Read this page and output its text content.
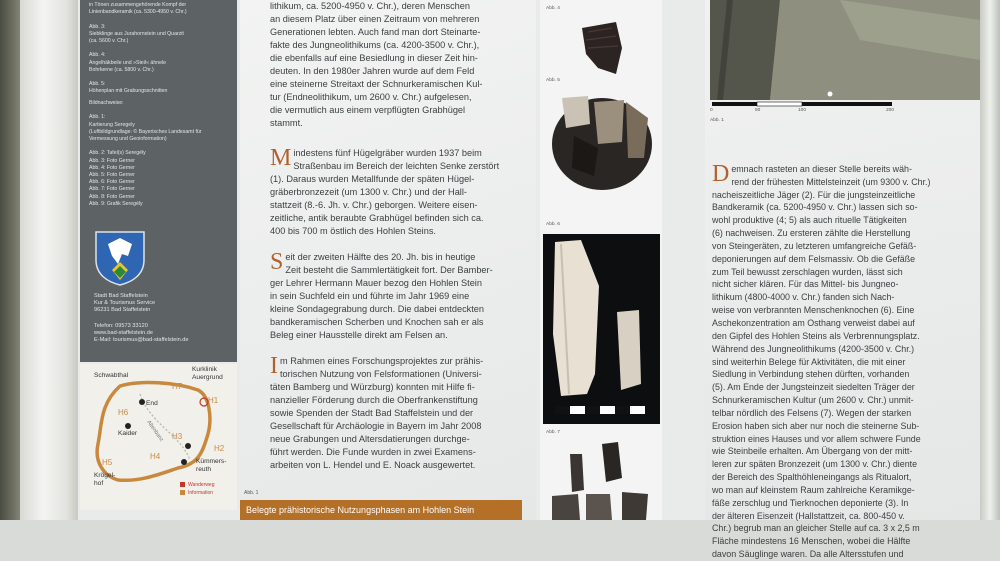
in Tönen zusammengehörende Kompf der
Linienbandkeramik (ca. 5300-4950 v. Chr.)

Abb. 3:
Siebklinge aus Jurahornstein und Quarzit
(ca. 5600 v. Chr.)

Abb. 4:
Angelhäkbeile und »Steil« ähnele
Bohrkerne (ca. 5800 v. Chr.)

Abb. 5:
Höhenplan mit Grabungsschnitten
Bildnachweise:

Abb. 1:
Kartierung Seregely
(Luftbildgrundlage: © Bayerisches Landesamt für
Vermessung und Geoinformation)

Abb. 2: Tafel(s) Seregély
Abb. 3: Foto Gerner
Abb. 4: Foto Gerner
Abb. 5: Foto Gerner
Abb. 6: Foto Gerner
Abb. 7: Foto Gerner
Abb. 8: Foto Gerner
Abb. 9: Grafik Seregély
Stadt Bad Staffelstein
Kur & Tourismus Service
96231 Bad Staffelstein
Telefon: 09573 33120
www.bad-staffelstein.de
E-Mail: tourismus@bad-staffelstein.de
Schwabthal
Kurklinik
Auergrund
End
Kaider Altenbanz
Krögel-
hof
Kümmers-
reuth
Wanderweg
Information
H7
H6
H5
H3
H2
H1
H4
lithikum, ca. 5200-4950 v. Chr.), deren Menschen
an diesem Platz über einen Zeitraum von mehreren
Generationen lebten. Auch fand man dort Steinarte-
fakte des Jungneolithikums (ca. 4200-3500 v. Chr.),
die ebenfalls auf eine Besiedlung in dieser Zeit hin-
deuten. In den 1980er Jahren wurde auf dem Feld
eine steinerne Streitaxt der Schnurkeramischen Kul-
tur (Endneolithikum, um 2600 v. Chr.) aufgelesen,
die vermutlich aus einem verpflügten Grabhügel
stammt.

Mindestens fünf Hügelgräber wurden 1937 beim
Straßenbau im Bereich der leichten Senke zerstört
(1). Daraus wurden Metallfunde der späten Hügel-
gräberbronzezeit (um 1300 v. Chr.) und der Hall-
stattzeit (8.-6. Jh. v. Chr.) geborgen. Weitere eisen-
zeitliche, antik beraubte Grabhügel befinden sich ca.
400 bis 700 m östlich des Hohlen Steins.

Seit der zweiten Hälfte des 20. Jh. bis in heutige
Zeit besteht die Sammlertätigkeit fort. Der Bamber-
ger Lehrer Hermann Mauer bezog den Hohlen Stein
in sein Suchfeld ein und führte im Jahr 1969 eine
kleine Sondagegrabung durch. Die dabei entdeckten
bandkeramischen Scherben und Knochen sah er als
Beleg einer Hausstelle direkt am Felsen an.

Im Rahmen eines Forschungsprojektes zur prähis-
torischen Nutzung von Felsformationen (Universi-
täten Bamberg und Würzburg) konnten mit Hilfe fi-
nanzieller Förderung durch die Oberfrankenstiftung
sowie Spenden der Stadt Bad Staffelstein und der
Gesellschaft für Archäologie in Bayern im Jahr 2008
neue Grabungen und Altersdatierungen durchge-
führt werden. Die Funde wurden in zwei Examens-
arbeiten von L. Hendel und E. Noack ausgewertet.

Abb. 1
Belegte prähistorische Nutzungsphasen am Hohlen Stein
Abb. 4
Abb. 5
Abb. 6
Abb. 7
0	50	100	200
Abb. 1

Demnach rasteten an dieser Stelle bereits wäh-
rend der frühesten Mittelsteinzeit (um 9300 v. Chr.)
nacheiszeitliche Jäger (2). Für die jungsteinzeitliche
Bandkeramik (ca. 5200-4950 v. Chr.) lassen sich so-
wohl produktive (4; 5) als auch rituelle Tätigkeiten
(6) nachweisen. Zu ersteren zählte die Herstellung
von Steingeräten, zu letzteren umfangreiche Gefäß-
deponierungen auf dem Felsmassiv. Ob die Gefäße
zum Teil bewusst zerschlagen wurden, lässt sich
nicht sicher klären. Für das Mittel- bis Jungneo-
lithikum (4800-4000 v. Chr.) fanden sich Nach-
weise von verbrannten Menschenknochen (6). Eine
Aschekonzentration am Osthang verweist dabei auf
den Gipfel des Hohlen Steins als Verbrennungsplatz.
Während des Jungneolithikums (4200-3500 v. Chr.)
sind weiterhin Belege für Aktivitäten, die mit einer
Siedlung in Verbindung stehen dürften, vorhanden
(5). Am Ende der Jungsteinzeit siedelten Träger der
Schnurkeramischen Kultur (um 2600 v. Chr.) unmit-
telbar nördlich des Felsens (7). Wegen der starken
Erosion haben sich aber nur noch die steinerne Sub-
struktion eines Hauses und vor allem schwere Funde
wie Steinbeile erhalten. Am Übergang von der mitt-
leren zur späten Bronzezeit (um 1300 v. Chr.) diente
der Bereich des Spalthöhleneingangs als Ritualort,
wo man auf kleinstem Raum zahlreiche Keramikge-
fäße zerschlug und Tierknochen deponierte (3). In
der älteren Eisenzeit (Hallstattzeit, ca. 800-450 v.
Chr.) begrub man an gleicher Stelle auf ca. 3 x 2,5 m
Fläche mindestens 16 Menschen, wobei die Hälfte
davon Säuglinge waren. Da alle Altersstufen und
